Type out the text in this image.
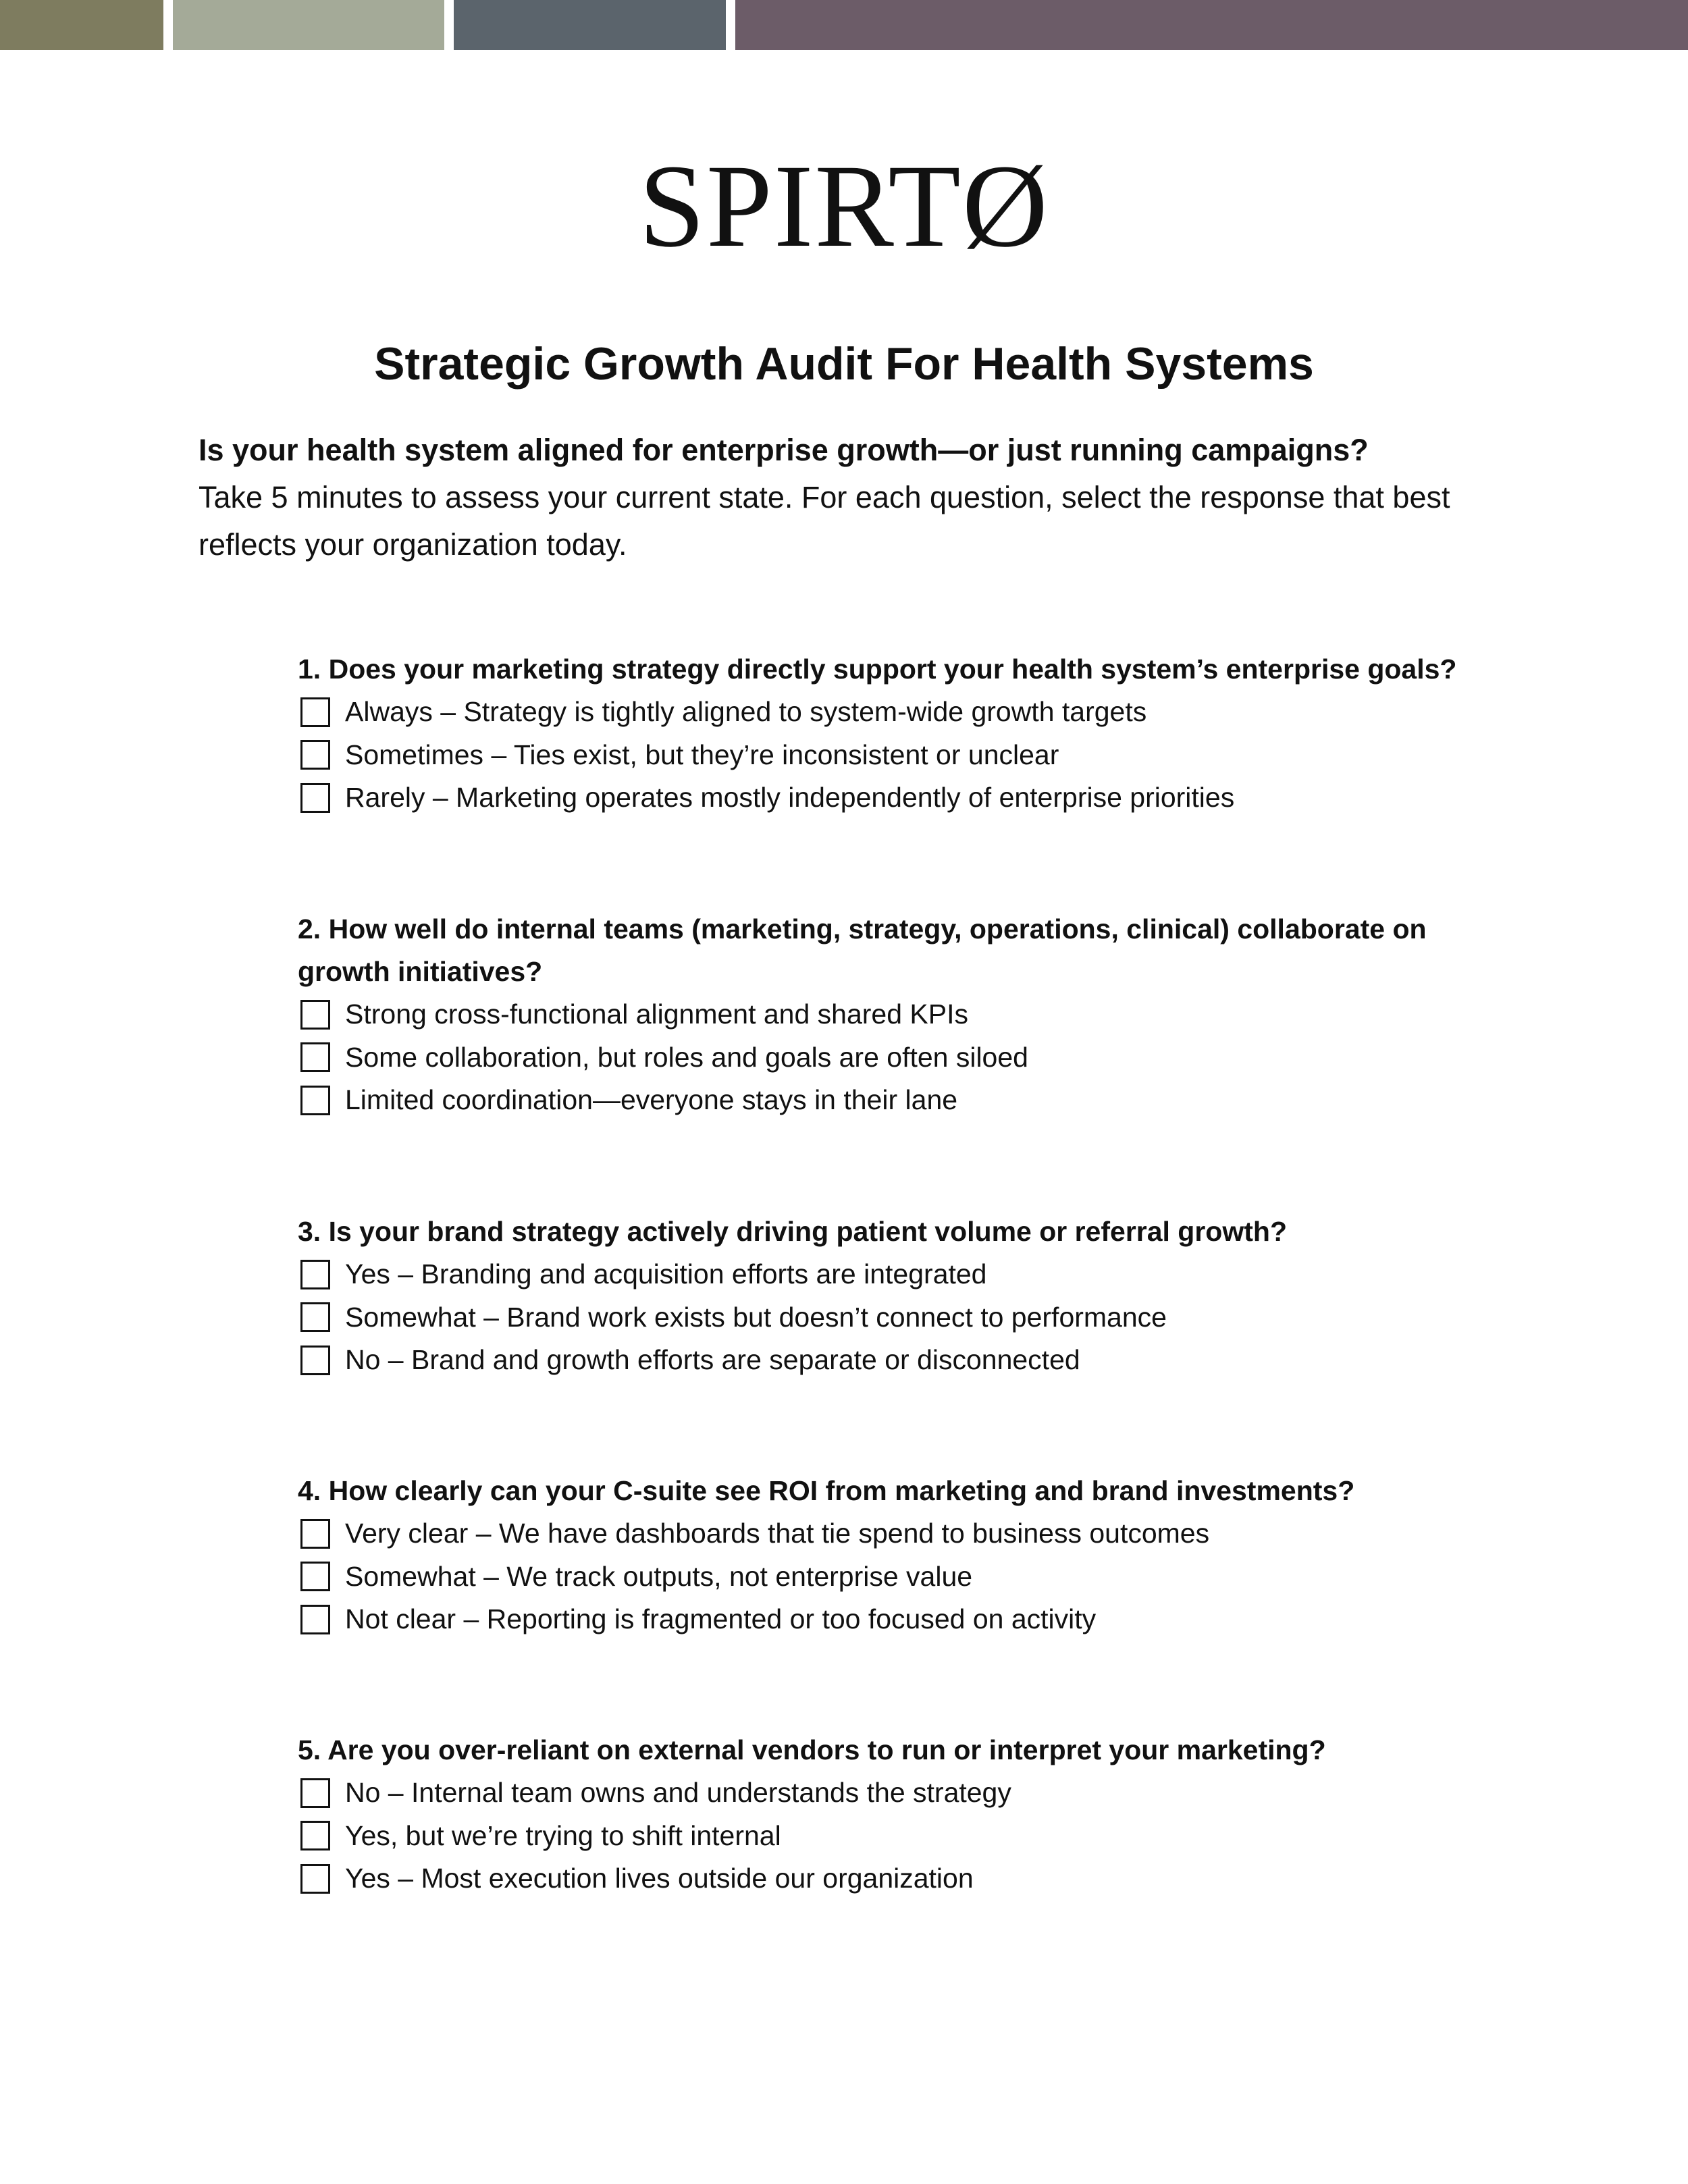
SPIRTØ
Strategic Growth Audit For Health Systems
Is your health system aligned for enterprise growth—or just running campaigns?
Take 5 minutes to assess your current state. For each question, select the response that best reflects your organization today.
1. Does your marketing strategy directly support your health system’s enterprise goals?
Always – Strategy is tightly aligned to system-wide growth targets
Sometimes – Ties exist, but they’re inconsistent or unclear
Rarely – Marketing operates mostly independently of enterprise priorities
2. How well do internal teams (marketing, strategy, operations, clinical) collaborate on growth initiatives?
Strong cross-functional alignment and shared KPIs
Some collaboration, but roles and goals are often siloed
Limited coordination—everyone stays in their lane
3. Is your brand strategy actively driving patient volume or referral growth?
Yes – Branding and acquisition efforts are integrated
Somewhat – Brand work exists but doesn’t connect to performance
No – Brand and growth efforts are separate or disconnected
4. How clearly can your C-suite see ROI from marketing and brand investments?
Very clear – We have dashboards that tie spend to business outcomes
Somewhat – We track outputs, not enterprise value
Not clear – Reporting is fragmented or too focused on activity
5. Are you over-reliant on external vendors to run or interpret your marketing?
No – Internal team owns and understands the strategy
Yes, but we’re trying to shift internal
Yes – Most execution lives outside our organization
